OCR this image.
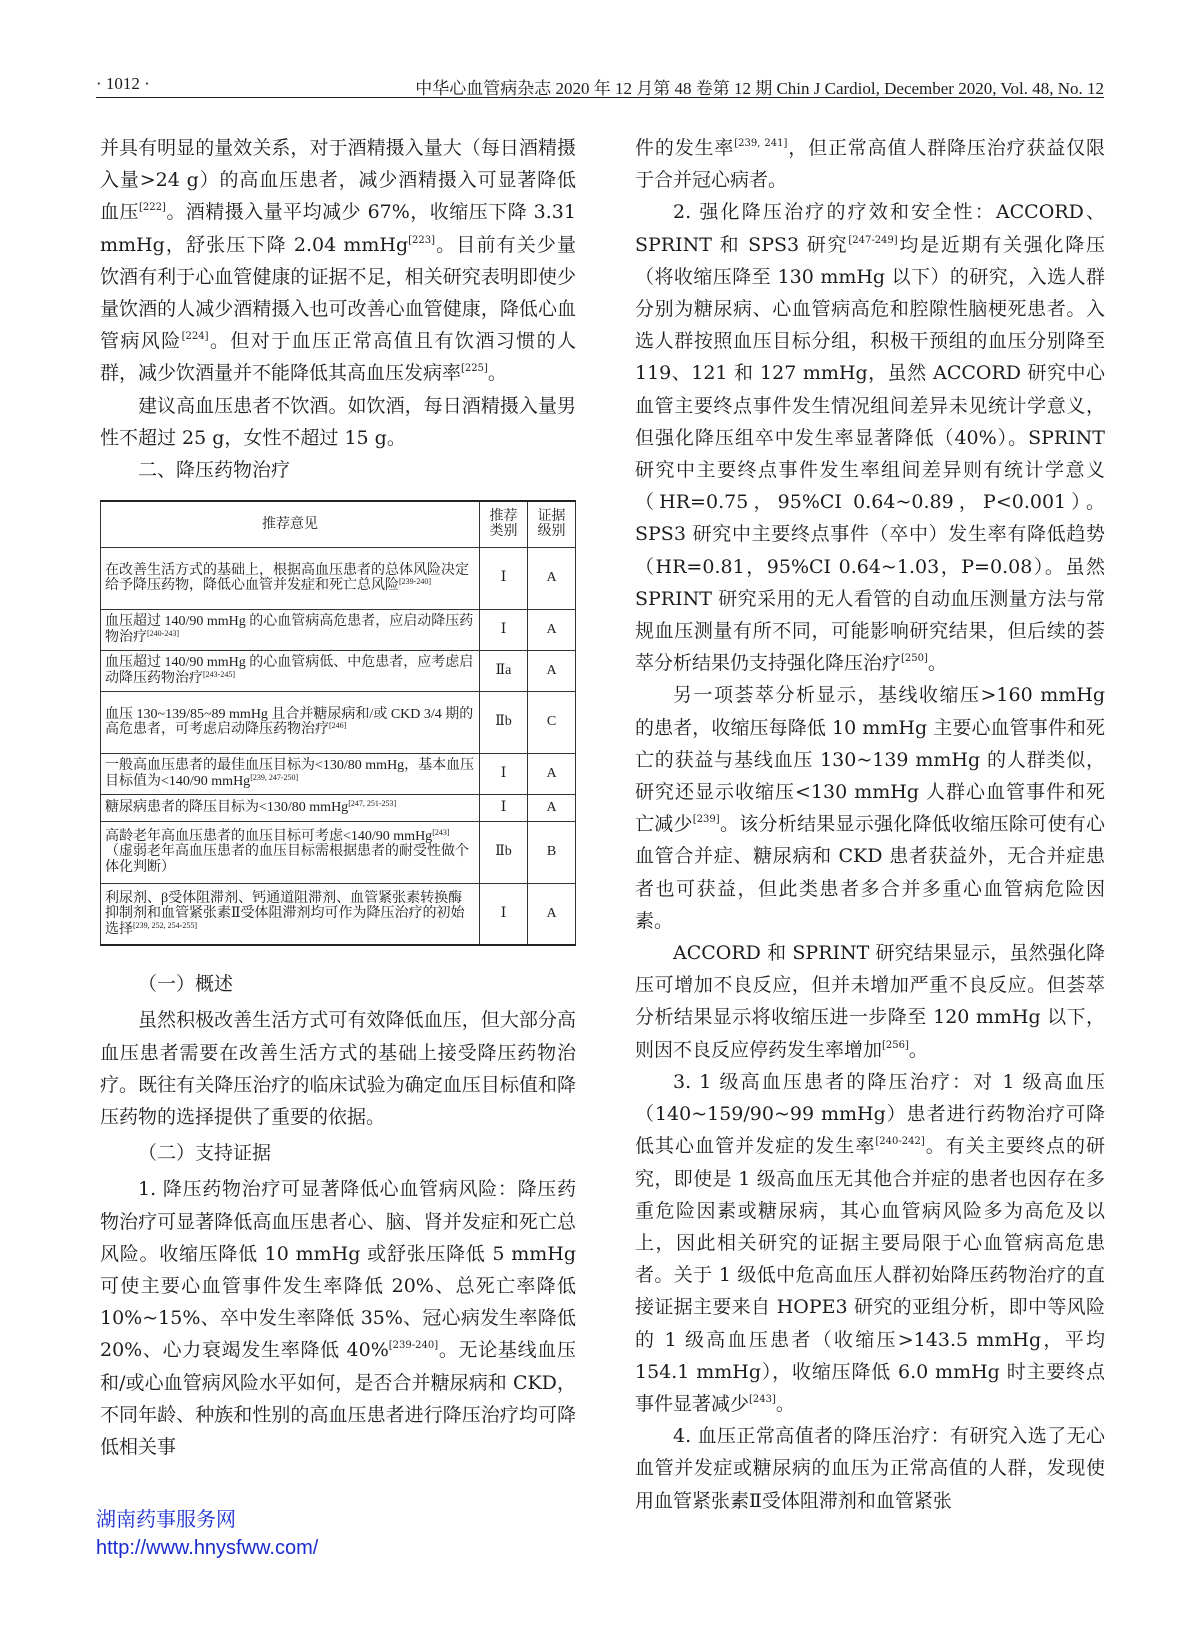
· 1012 ·	中华心血管病杂志 2020 年 12 月第 48 卷第 12 期 Chin J Cardiol, December 2020, Vol. 48, No. 12

并具有明显的量效关系，对于酒精摄入量大（每日酒精摄入量>24 g）的高血压患者，减少酒精摄入可显著降低血压[222]。酒精摄入量平均减少 67%，收缩压下降 3.31 mmHg，舒张压下降 2.04 mmHg[223]。目前有关少量饮酒有利于心血管健康的证据不足，相关研究表明即使少量饮酒的人减少酒精摄入也可改善心血管健康，降低心血管病风险[224]。但对于血压正常高值且有饮酒习惯的人群，减少饮酒量并不能降低其高血压发病率[225]。

建议高血压患者不饮酒。如饮酒，每日酒精摄入量男性不超过 25 g，女性不超过 15 g。

二、降压药物治疗

推荐意见	推荐类别	证据级别
在改善生活方式的基础上，根据高血压患者的总体风险决定给予降压药物，降低心血管并发症和死亡总风险[239-240]	Ⅰ	A
血压超过 140/90 mmHg 的心血管病高危患者，应启动降压药物治疗[240-243]	Ⅰ	A
血压超过 140/90 mmHg 的心血管病低、中危患者，应考虑启动降压药物治疗[243-245]	Ⅱa	A
血压 130~139/85~89 mmHg 且合并糖尿病和/或 CKD 3/4 期的高危患者，可考虑启动降压药物治疗[246]	Ⅱb	C
一般高血压患者的最佳血压目标为<130/80 mmHg，基本血压目标值为<140/90 mmHg[239, 247-250]	Ⅰ	A
糖尿病患者的降压目标为<130/80 mmHg[247, 251-253]	Ⅰ	A
高龄老年高血压患者的血压目标可考虑<140/90 mmHg[243]（虚弱老年高血压患者的血压目标需根据患者的耐受性做个体化判断）	Ⅱb	B
利尿剂、β受体阻滞剂、钙通道阻滞剂、血管紧张素转换酶抑制剂和血管紧张素Ⅱ受体阻滞剂均可作为降压治疗的初始选择[239, 252, 254-255]	Ⅰ	A

（一）概述

虽然积极改善生活方式可有效降低血压，但大部分高血压患者需要在改善生活方式的基础上接受降压药物治疗。既往有关降压治疗的临床试验为确定血压目标值和降压药物的选择提供了重要的依据。

（二）支持证据

1. 降压药物治疗可显著降低心血管病风险：降压药物治疗可显著降低高血压患者心、脑、肾并发症和死亡总风险。收缩压降低 10 mmHg 或舒张压降低 5 mmHg 可使主要心血管事件发生率降低 20%、总死亡率降低 10%~15%、卒中发生率降低 35%、冠心病发生率降低 20%、心力衰竭发生率降低 40%[239-240]。无论基线血压和/或心血管病风险水平如何，是否合并糖尿病和 CKD，不同年龄、种族和性别的高血压患者进行降压治疗均可降低相关事

件的发生率[239, 241]，但正常高值人群降压治疗获益仅限于合并冠心病者。

2. 强化降压治疗的疗效和安全性：ACCORD、SPRINT 和 SPS3 研究[247-249]均是近期有关强化降压（将收缩压降至 130 mmHg 以下）的研究，入选人群分别为糖尿病、心血管病高危和腔隙性脑梗死患者。入选人群按照血压目标分组，积极干预组的血压分别降至 119、121 和 127 mmHg，虽然 ACCORD 研究中心血管主要终点事件发生情况组间差异未见统计学意义，但强化降压组卒中发生率显著降低（40%）。SPRINT 研究中主要终点事件发生率组间差异则有统计学意义（HR=0.75，95%CI 0.64~0.89，P<0.001）。SPS3 研究中主要终点事件（卒中）发生率有降低趋势（HR=0.81，95%CI 0.64~1.03，P=0.08）。虽然 SPRINT 研究采用的无人看管的自动血压测量方法与常规血压测量有所不同，可能影响研究结果，但后续的荟萃分析结果仍支持强化降压治疗[250]。

另一项荟萃分析显示，基线收缩压>160 mmHg 的患者，收缩压每降低 10 mmHg 主要心血管事件和死亡的获益与基线血压 130~139 mmHg 的人群类似，研究还显示收缩压<130 mmHg 人群心血管事件和死亡减少[239]。该分析结果显示强化降低收缩压除可使有心血管合并症、糖尿病和 CKD 患者获益外，无合并症患者也可获益，但此类患者多合并多重心血管病危险因素。

ACCORD 和 SPRINT 研究结果显示，虽然强化降压可增加不良反应，但并未增加严重不良反应。但荟萃分析结果显示将收缩压进一步降至 120 mmHg 以下，则因不良反应停药发生率增加[256]。

3. 1 级高血压患者的降压治疗：对 1 级高血压（140~159/90~99 mmHg）患者进行药物治疗可降低其心血管并发症的发生率[240-242]。有关主要终点的研究，即使是 1 级高血压无其他合并症的患者也因存在多重危险因素或糖尿病，其心血管病风险多为高危及以上，因此相关研究的证据主要局限于心血管病高危患者。关于 1 级低中危高血压人群初始降压药物治疗的直接证据主要来自 HOPE3 研究的亚组分析，即中等风险的 1 级高血压患者（收缩压>143.5 mmHg，平均 154.1 mmHg），收缩压降低 6.0 mmHg 时主要终点事件显著减少[243]。

4. 血压正常高值者的降压治疗：有研究入选了无心血管并发症或糖尿病的血压为正常高值的人群，发现使用血管紧张素Ⅱ受体阻滞剂和血管紧张

湖南药事服务网
http://www.hnysfww.com/
